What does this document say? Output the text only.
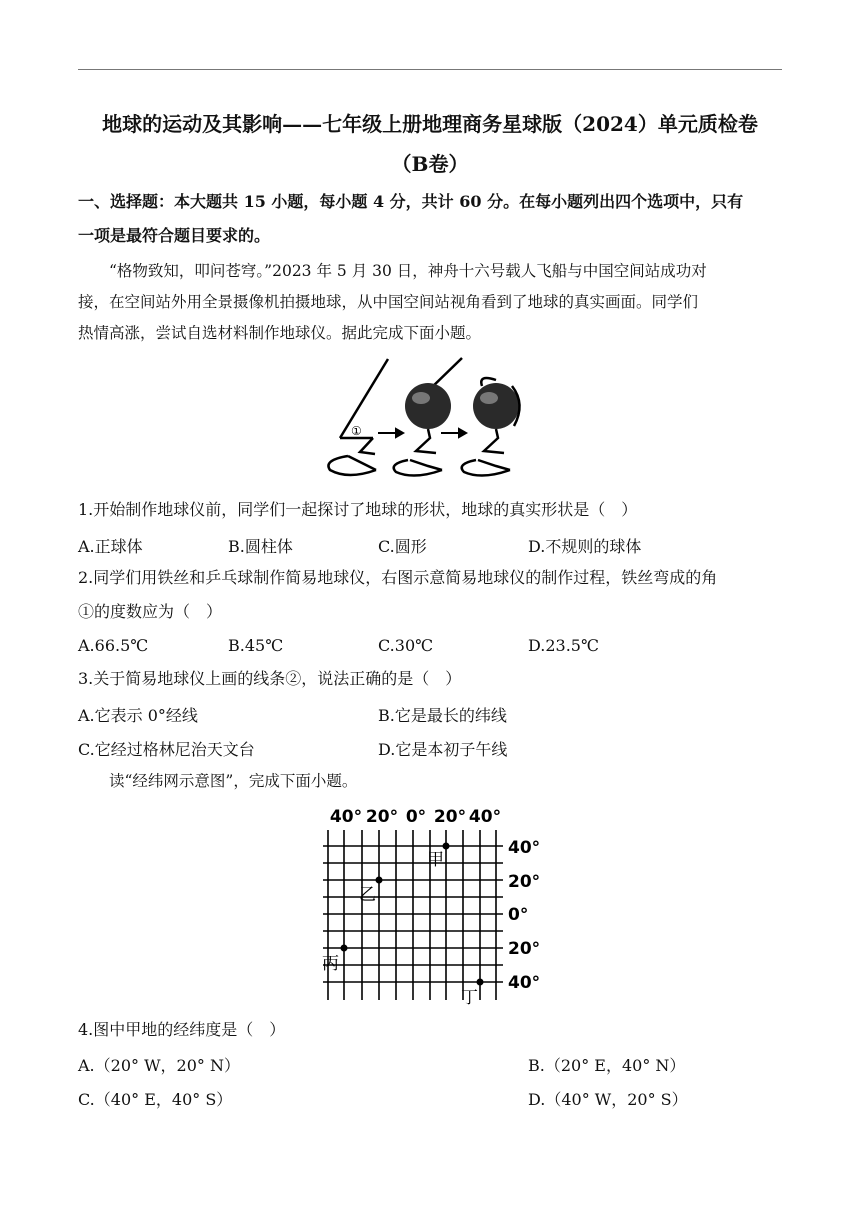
地球的运动及其影响——七年级上册地理商务星球版（2024）单元质检卷
（B卷）
一、选择题：本大题共 15 小题，每小题 4 分，共计 60 分。在每小题列出四个选项中，只有
一项是最符合题目要求的。
“格物致知，叩问苍穹。”2023 年 5 月 30 日，神舟十六号载人飞船与中国空间站成功对
接，在空间站外用全景摄像机拍摄地球，从中国空间站视角看到了地球的真实画面。同学们
热情高涨，尝试自选材料制作地球仪。据此完成下面小题。
①
1.开始制作地球仪前，同学们一起探讨了地球的形状，地球的真实形状是（　）
A.正球体	B.圆柱体	C.圆形	D.不规则的球体
2.同学们用铁丝和乒乓球制作简易地球仪，右图示意简易地球仪的制作过程，铁丝弯成的角
①的度数应为（　）
A.66.5℃	B.45℃	C.30℃	D.23.5℃
3.关于简易地球仪上画的线条②，说法正确的是（　）
A.它表示 0°经线	B.它是最长的纬线
C.它经过格林尼治天文台	D.它是本初子午线
读“经纬网示意图”，完成下面小题。
40° 20° 0° 20° 40°
40°
20°
0°
20°
40°
甲
乙
丙
丁
4.图中甲地的经纬度是（　）
A.（20° W，20° N）	B.（20° E，40° N）
C.（40° E，40° S）	D.（40° W，20° S）
